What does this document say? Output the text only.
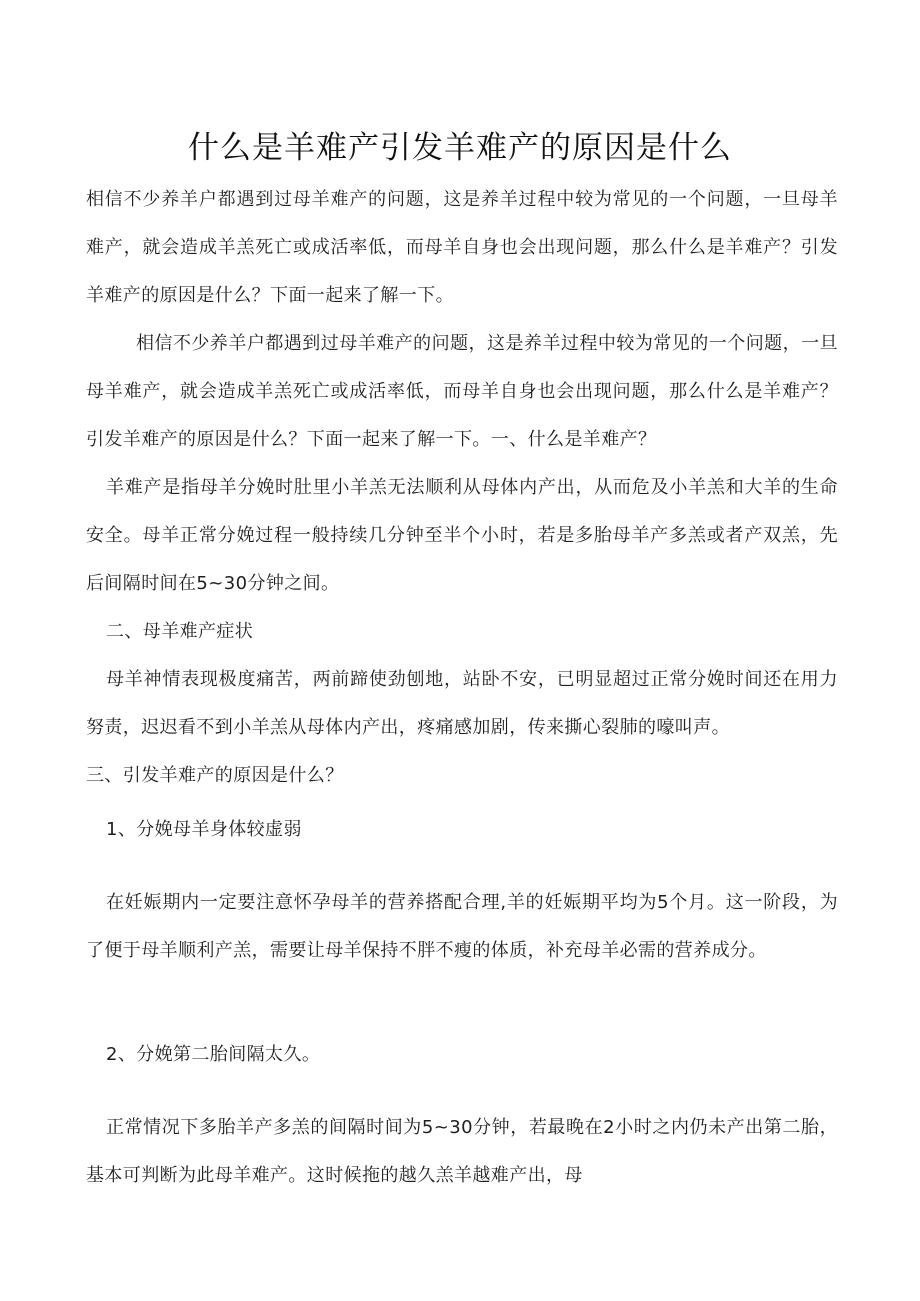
什么是羊难产引发羊难产的原因是什么

相信不少养羊户都遇到过母羊难产的问题，这是养羊过程中较为常见的一个问题，一旦母羊难产，就会造成羊羔死亡或成活率低，而母羊自身也会出现问题，那么什么是羊难产？引发羊难产的原因是什么？下面一起来了解一下。

相信不少养羊户都遇到过母羊难产的问题，这是养羊过程中较为常见的一个问题，一旦母羊难产，就会造成羊羔死亡或成活率低，而母羊自身也会出现问题，那么什么是羊难产？引发羊难产的原因是什么？下面一起来了解一下。一、什么是羊难产？

羊难产是指母羊分娩时肚里小羊羔无法顺利从母体内产出，从而危及小羊羔和大羊的生命安全。母羊正常分娩过程一般持续几分钟至半个小时，若是多胎母羊产多羔或者产双羔，先后间隔时间在5~30分钟之间。

二、母羊难产症状

母羊神情表现极度痛苦，两前蹄使劲刨地，站卧不安，已明显超过正常分娩时间还在用力努责，迟迟看不到小羊羔从母体内产出，疼痛感加剧，传来撕心裂肺的嚎叫声。

三、引发羊难产的原因是什么？

1、分娩母羊身体较虚弱

在妊娠期内一定要注意怀孕母羊的营养搭配合理,羊的妊娠期平均为5个月。这一阶段，为了便于母羊顺利产羔，需要让母羊保持不胖不瘦的体质，补充母羊必需的营养成分。

2、分娩第二胎间隔太久。

正常情况下多胎羊产多羔的间隔时间为5~30分钟，若最晚在2小时之内仍未产出第二胎，基本可判断为此母羊难产。这时候拖的越久羔羊越难产出，母
